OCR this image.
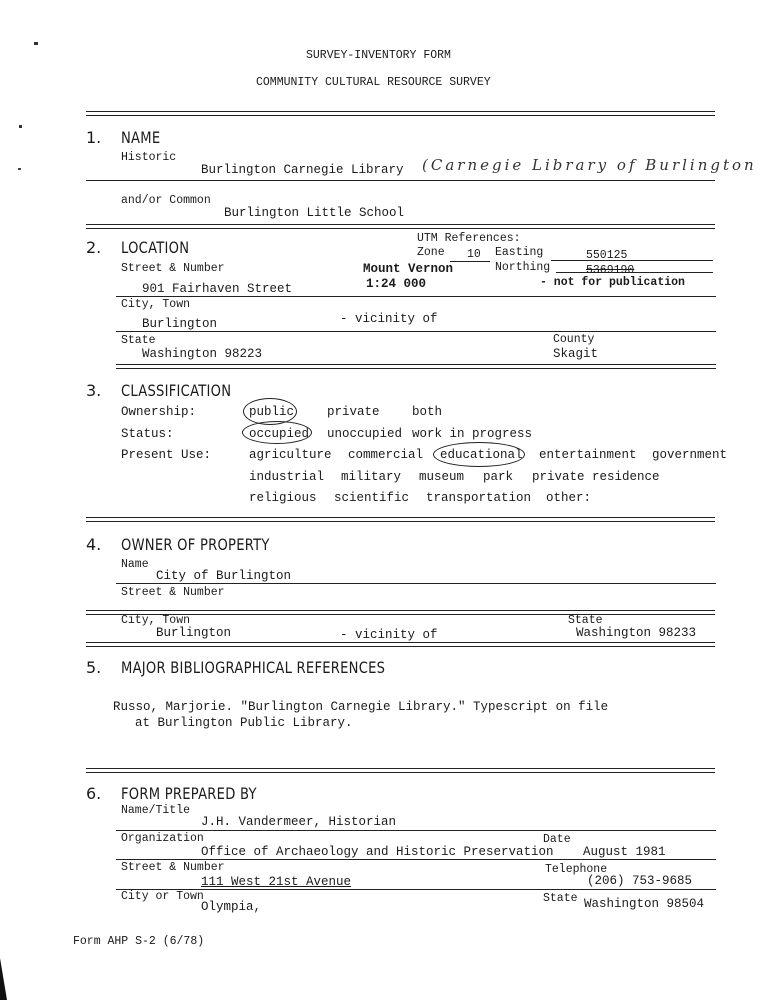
SURVEY-INVENTORY FORM
COMMUNITY CULTURAL RESOURCE SURVEY
1. NAME
Historic
Burlington Carnegie Library (Carnegie Library of Burlington
and/or Common
Burlington Little School
2. LOCATION	UTM References:
Zone 10 Easting	550125
Northing	5369190
Street & Number	Mount Vernon
1:24 000	- not for publication
901 Fairhaven Street
City, Town
- vicinity of
Burlington
State	County
Washington 98223	Skagit
3. CLASSIFICATION
Ownership:	public	private	both
Status:	occupied unoccupied work in progress
Present Use:	agriculture commercial educational entertainment government
industrial military museum park private residence
religious scientific transportation other:
4. OWNER OF PROPERTY
Name
City of Burlington
Street & Number
City, Town	State
Burlington	- vicinity of	Washington 98233
5. MAJOR BIBLIOGRAPHICAL REFERENCES
Russo, Marjorie. "Burlington Carnegie Library." Typescript on file
at Burlington Public Library.
6. FORM PREPARED BY
Name/Title
J.H. Vandermeer, Historian
Organization	Date
Office of Archaeology and Historic Preservation August 1981
Street & Number	Telephone
111 West 21st Avenue	(206) 753-9685
City or Town
Olympia,
State Washington 98504
Form AHP S-2 (6/78)
